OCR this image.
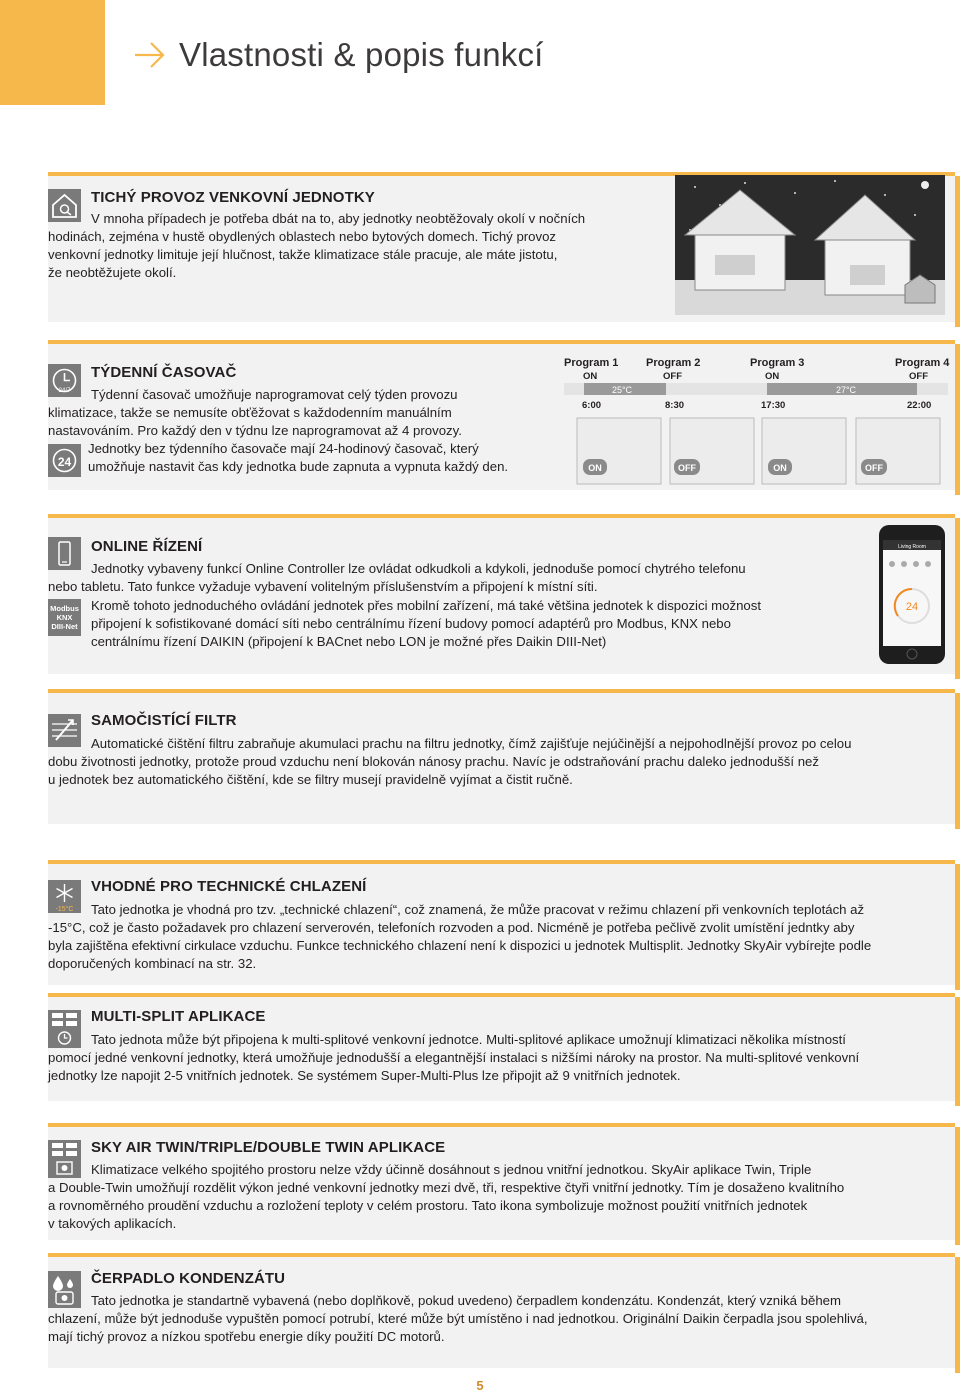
Vlastnosti & popis funkcí
TICHÝ PROVOZ VENKOVNÍ JEDNOTKY
V mnoha případech je potřeba dbát na to, aby jednotky neobtěžovaly okolí v nočních
hodinách, zejména v hustě obydlených oblastech nebo bytových domech. Tichý provoz
venkovní jednotky limituje její hlučnost, takže klimatizace stále pracuje, ale máte jistotu,
že neobtěžujete okolí.
24/7
TÝDENNÍ ČASOVAČ
Týdenní časovač umožňuje naprogramovat celý týden provozu
klimatizace, takže se nemusíte obťěžovat s každodenním manuálním
nastavováním. Pro každý den v týdnu lze naprogramovat až 4 provozy.
24
Jednotky bez týdenního časovače mají 24-hodinový časovač, který
umožňuje nastavit čas kdy jednotka bude zapnuta a vypnuta každý den.
Program 1	Program 2	Program 3	Program 4
ON	OFF	ON	OFF
25°C	27°C
6:00	8:30	17:30	22:00
ON	OFF	ON	OFF
ONLINE ŘÍZENÍ
Jednotky vybaveny funkcí Online Controller lze ovládat odkudkoli a kdykoli, jednoduše pomocí chytrého telefonu
nebo tabletu. Tato funkce vyžaduje vybavení volitelným příslušenstvím a připojení k místní síti.
Modbus
KNX
DIII-Net
Kromě tohoto jednoduchého ovládání jednotek přes mobilní zařízení, má také většina jednotek k dispozici možnost
připojení k sofistikované domácí síti nebo centrálnímu řízení budovy pomocí adaptérů pro Modbus, KNX nebo
centrálnímu řízení DAIKIN (připojení k BACnet nebo LON je možné přes Daikin DIII-Net)
Living Room
24
SAMOČISTÍCÍ FILTR
Automatické čištění filtru zabraňuje akumulaci prachu na filtru jednotky, čímž zajišťuje nejúčinější a nejpohodlnější provoz po celou
dobu životnosti jednotky, protože proud vzduchu není blokován nánosy prachu. Navíc je odstraňování prachu daleko jednodušší než
u jednotek bez automatického čištění, kde se filtry musejí pravidelně vyjímat a čistit ručně.
-15°C
VHODNÉ PRO TECHNICKÉ CHLAZENÍ
Tato jednotka je vhodná pro tzv. „technické chlazení“, což znamená, že může pracovat v režimu chlazení při venkovních teplotách až
-15°C, což je často požadavek pro chlazení serverovén, telefoních rozvoden a pod. Nicméně je potřeba pečlivě zvolit umístění jedntky aby
byla zajištěna efektivní cirkulace vzduchu. Funkce technického chlazení není k dispozici u jednotek Multisplit. Jednotky SkyAir vybírejte podle
doporučených kombinací na str. 32.
MULTI-SPLIT APLIKACE
Tato jednota může být připojena k multi-splitové venkovní jednotce. Multi-splitové aplikace umožnují klimatizaci několika místností
pomocí jedné venkovní jednotky, která umožňuje jednodušší a elegantnější instalaci s nižšími nároky na prostor. Na multi-splitové venkovní
jednotky lze napojit 2-5 vnitřních jednotek. Se systémem Super-Multi-Plus lze připojit až 9 vnitřních jednotek.
SKY AIR TWIN/TRIPLE/DOUBLE TWIN APLIKACE
Klimatizace velkého spojitého prostoru nelze vždy účinně dosáhnout s jednou vnitřní jednotkou. SkyAir aplikace Twin, Triple
a Double-Twin umožňují rozdělit výkon jedné venkovní jednotky mezi dvě, tři, respektive čtyři vnitřní jednotky. Tím je dosaženo kvalitního
a rovnoměrného proudění vzduchu a rozložení teploty v celém prostoru. Tato ikona symbolizuje možnost použití vnitřních jednotek
v takových aplikacích.
ČERPADLO KONDENZÁTU
Tato jednotka je standartně vybavená (nebo doplňkově, pokud uvedeno) čerpadlem kondenzátu. Kondenzát, který vzniká během
chlazení, může být jednoduše vypuštěn pomocí potrubí, které může být umístěno i nad jednotkou. Originální Daikin čerpadla jsou spolehlivá,
mají tichý provoz a nízkou spotřebu energie díky použití DC motorů.
5
